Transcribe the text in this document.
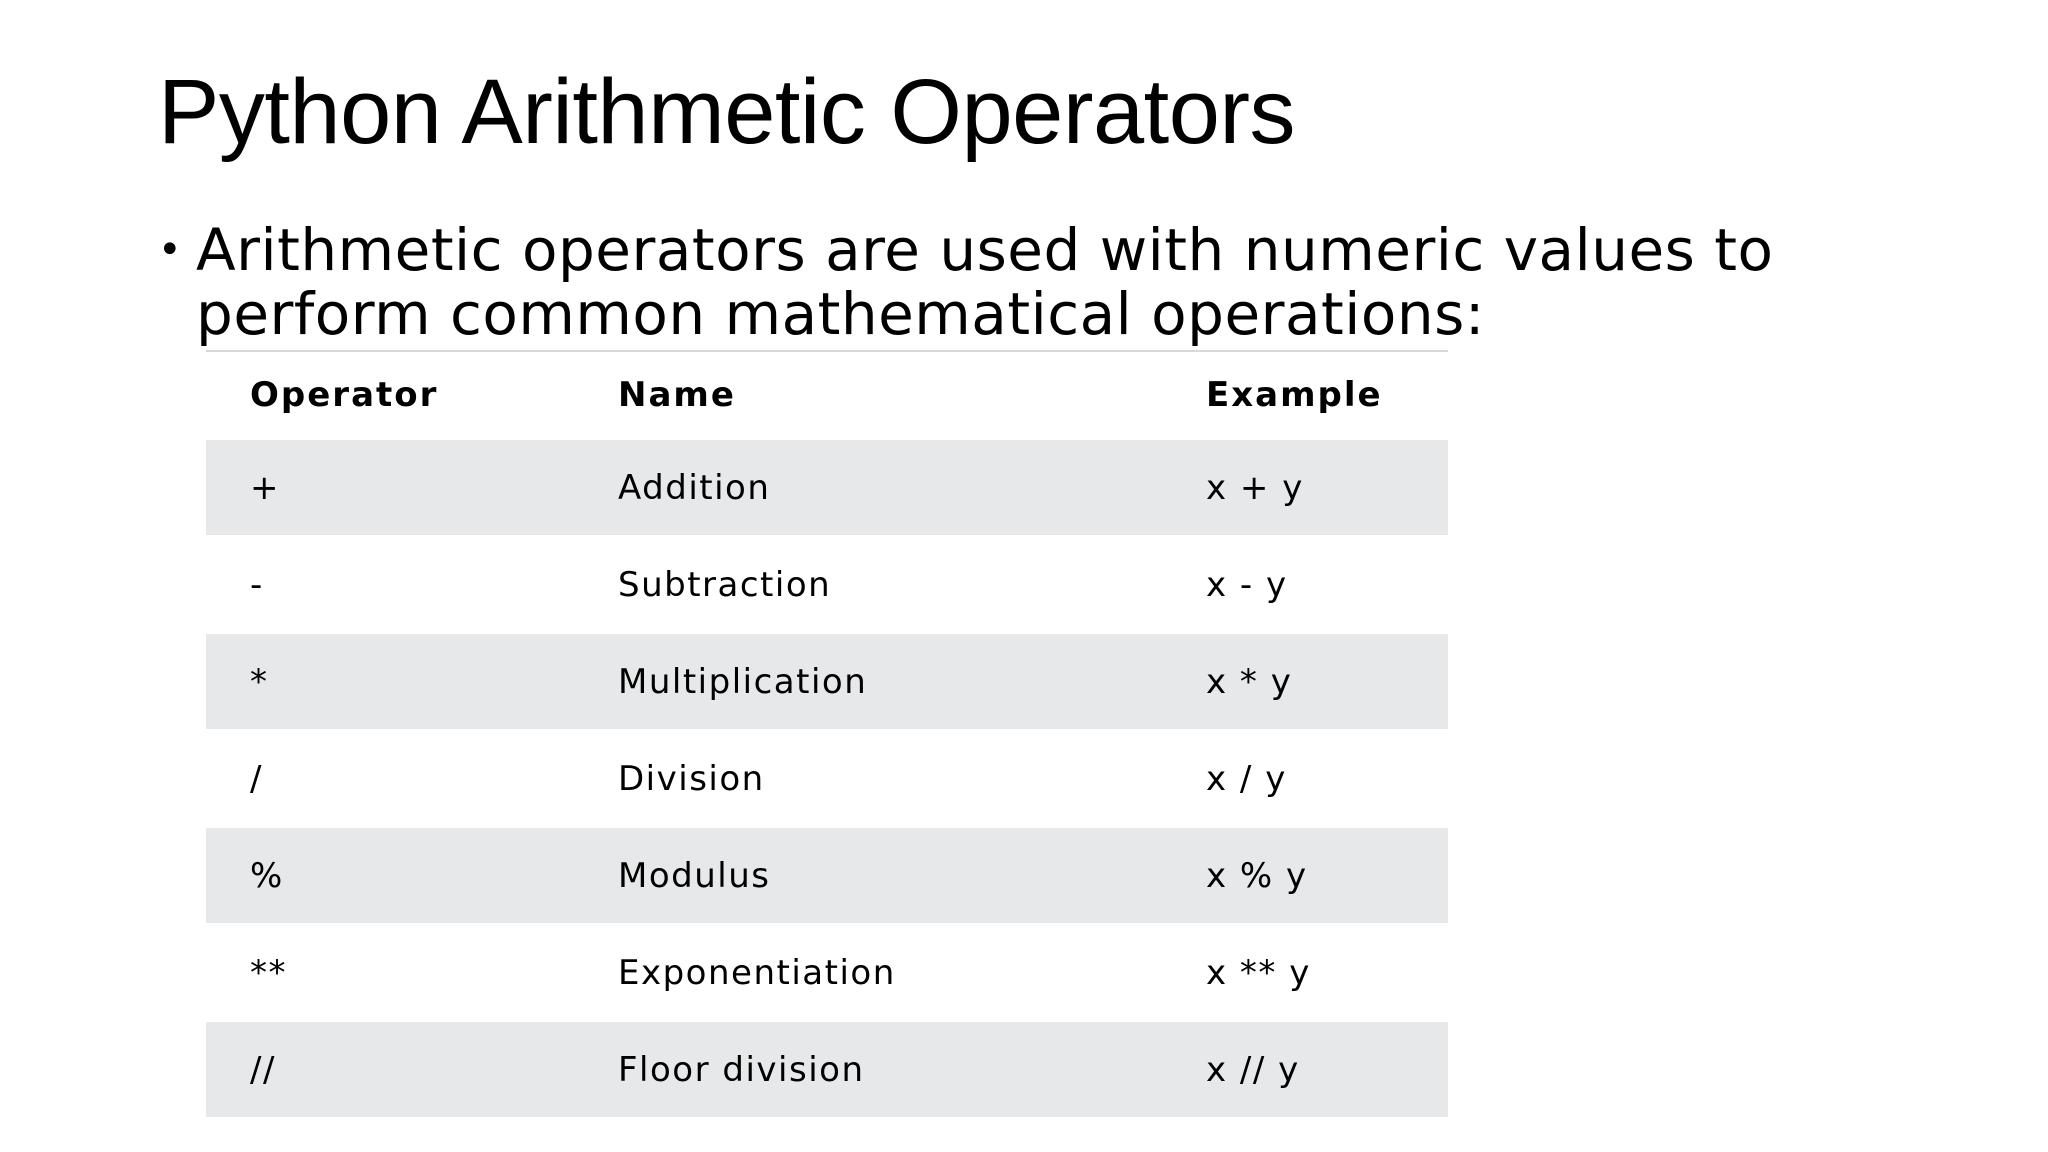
Python Arithmetic Operators
• Arithmetic operators are used with numeric values to perform common mathematical operations:
Operator	Name	Example
+	Addition	x + y
-	Subtraction	x - y
*	Multiplication	x * y
/	Division	x / y
%	Modulus	x % y
**	Exponentiation	x ** y
//	Floor division	x // y
